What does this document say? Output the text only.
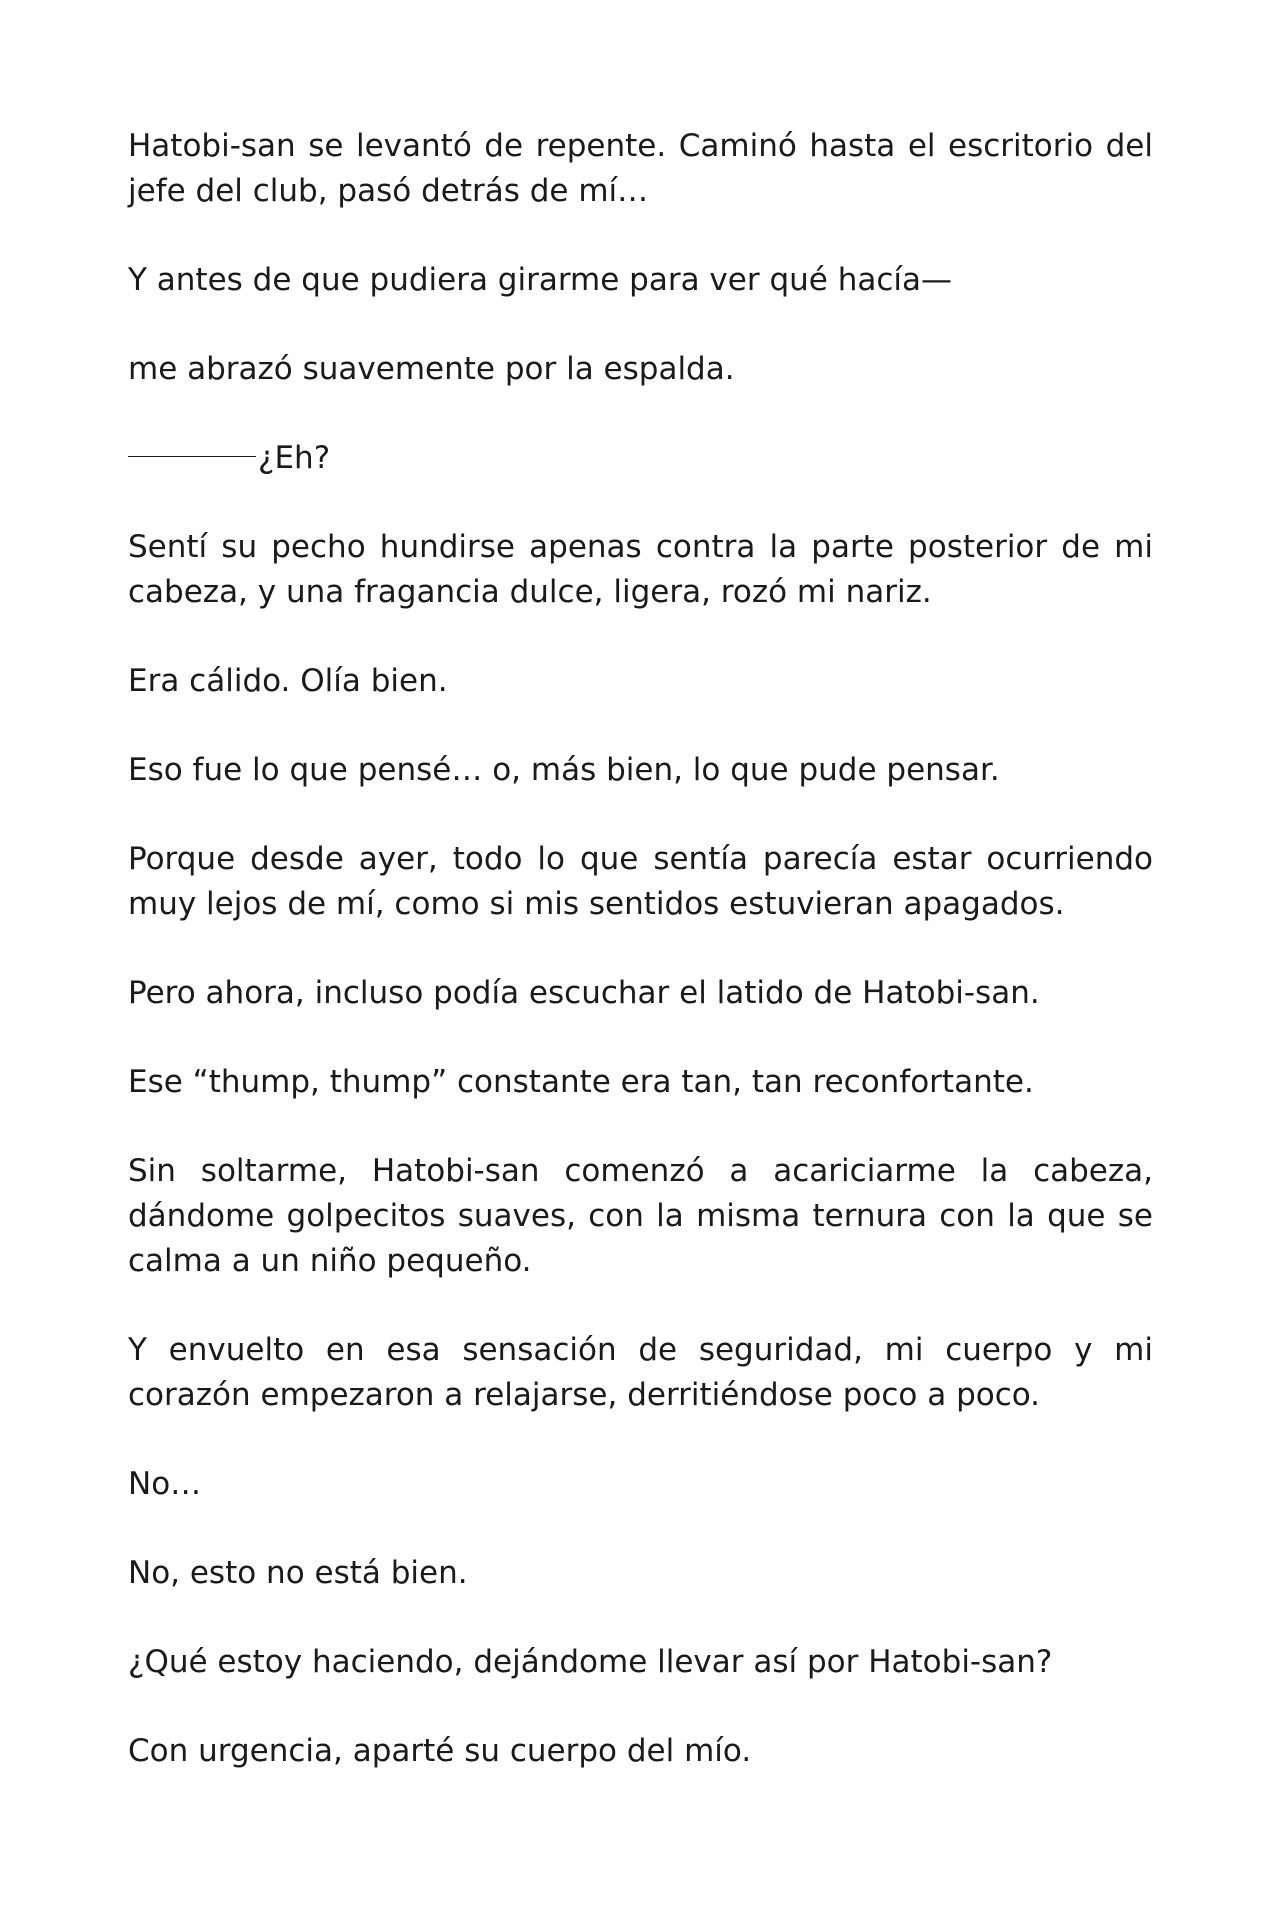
Hatobi-san se levantó de repente. Caminó hasta el escritorio del jefe del club, pasó detrás de mí…

Y antes de que pudiera girarme para ver qué hacía—

me abrazó suavemente por la espalda.

¿Eh?

Sentí su pecho hundirse apenas contra la parte posterior de mi cabeza, y una fragancia dulce, ligera, rozó mi nariz.

Era cálido. Olía bien.

Eso fue lo que pensé… o, más bien, lo que pude pensar.

Porque desde ayer, todo lo que sentía parecía estar ocurriendo muy lejos de mí, como si mis sentidos estuvieran apagados.

Pero ahora, incluso podía escuchar el latido de Hatobi-san.

Ese “thump, thump” constante era tan, tan reconfortante.

Sin soltarme, Hatobi-san comenzó a acariciarme la cabeza, dándome golpecitos suaves, con la misma ternura con la que se calma a un niño pequeño.

Y envuelto en esa sensación de seguridad, mi cuerpo y mi corazón empezaron a relajarse, derritiéndose poco a poco.

No…

No, esto no está bien.

¿Qué estoy haciendo, dejándome llevar así por Hatobi-san?

Con urgencia, aparté su cuerpo del mío.
